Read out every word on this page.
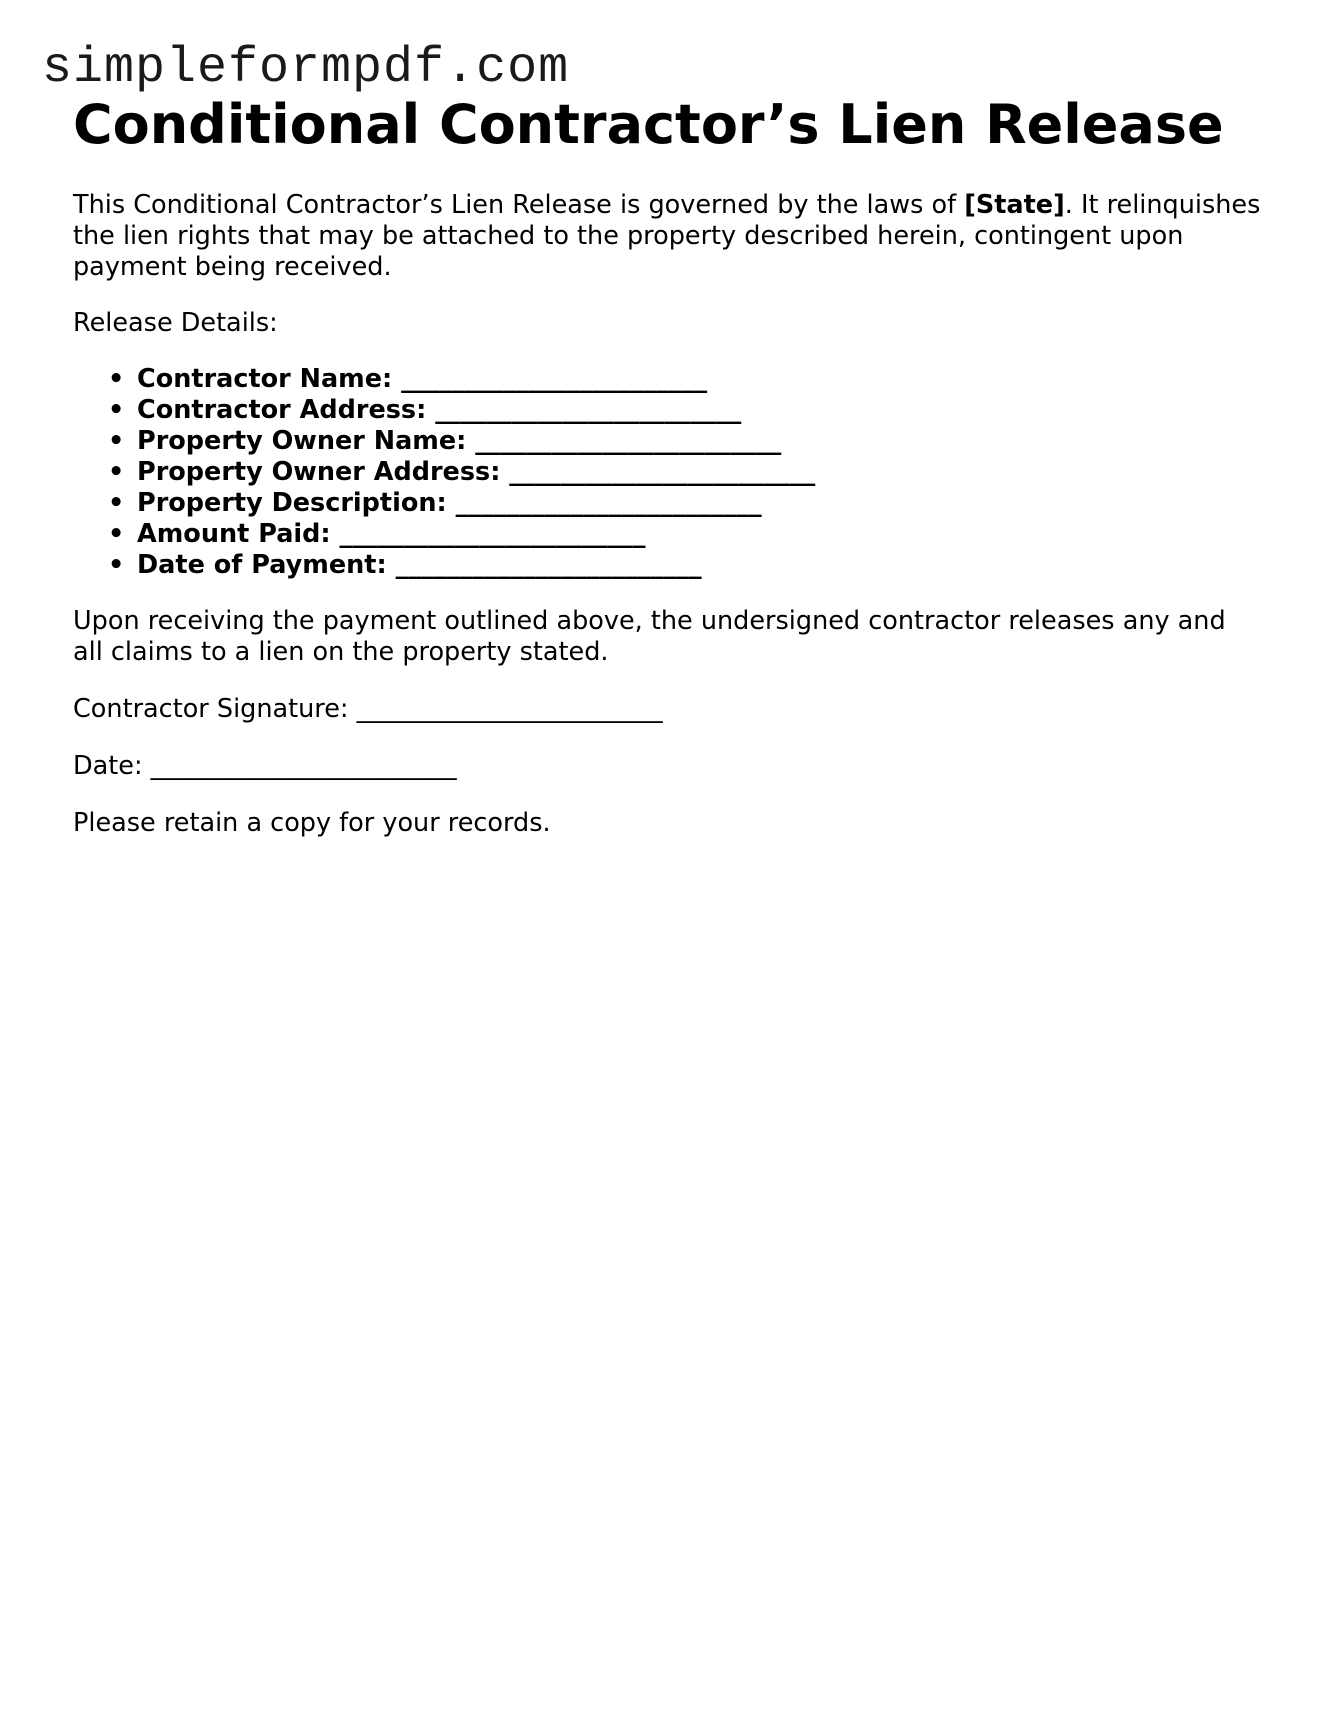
simpleformpdf.com
Conditional Contractor’s Lien Release

This Conditional Contractor’s Lien Release is governed by the laws of [State]. It relinquishes the lien rights that may be attached to the property described herein, contingent upon payment being received.

Release Details:

• Contractor Name: ________________________
• Contractor Address: ________________________
• Property Owner Name: ________________________
• Property Owner Address: ________________________
• Property Description: ________________________
• Amount Paid: ________________________
• Date of Payment: ________________________

Upon receiving the payment outlined above, the undersigned contractor releases any and all claims to a lien on the property stated.

Contractor Signature: ________________________

Date: ________________________

Please retain a copy for your records.
